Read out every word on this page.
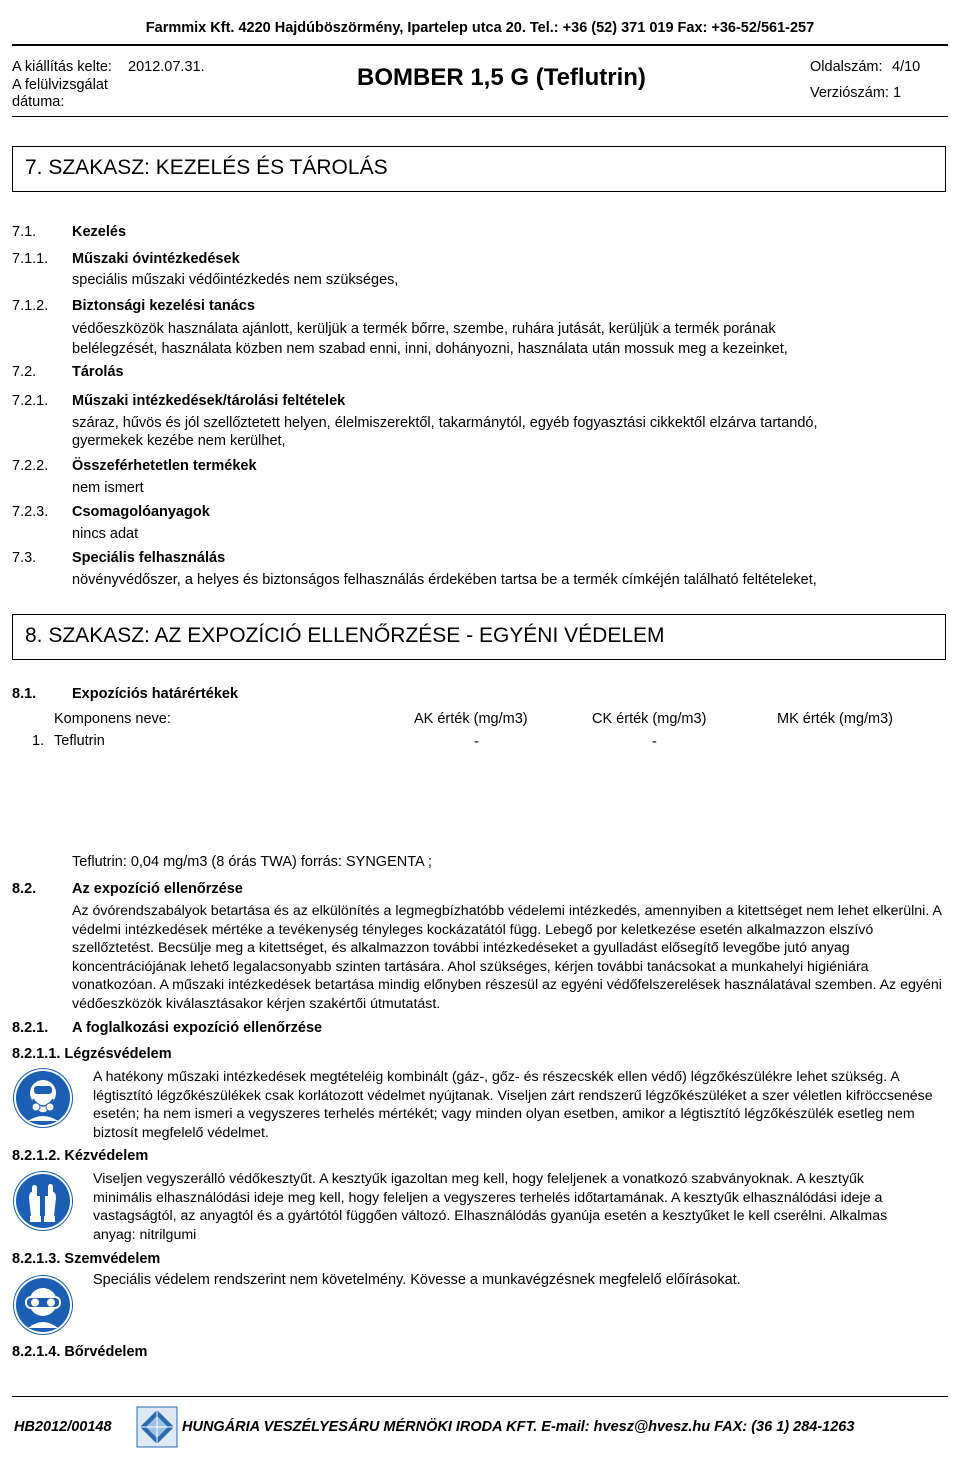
Farmmix Kft. 4220 Hajdúböszörmény, Ipartelep utca 20. Tel.: +36 (52) 371 019 Fax: +36-52/561-257
A kiállítás kelte: 2012.07.31.
A felülvizsgálat
dátuma:
BOMBER 1,5 G (Teflutrin)	Oldalszám: 4/10
Verziószám: 1
7. SZAKASZ: KEZELÉS ÉS TÁROLÁS
7.1. Kezelés
7.1.1. Műszaki óvintézkedések
speciális műszaki védőintézkedés nem szükséges,
7.1.2. Biztonsági kezelési tanács
védőeszközök használata ajánlott, kerüljük a termék bőrre, szembe, ruhára jutását, kerüljük a termék porának
belélegzését, használata közben nem szabad enni, inni, dohányozni, használata után mossuk meg a kezeinket,
7.2. Tárolás
7.2.1. Műszaki intézkedések/tárolási feltételek
száraz, hűvös és jól szellőztetett helyen, élelmiszerektől, takarmánytól, egyéb fogyasztási cikkektől elzárva tartandó,
gyermekek kezébe nem kerülhet,
7.2.2. Összeférhetetlen termékek
nem ismert
7.2.3. Csomagolóanyagok
nincs adat
7.3. Speciális felhasználás
növényvédőszer, a helyes és biztonságos felhasználás érdekében tartsa be a termék címkéjén található feltételeket,
8. SZAKASZ: AZ EXPOZÍCIÓ ELLENŐRZÉSE - EGYÉNI VÉDELEM
8.1. Expozíciós határértékek
Komponens neve:	AK érték (mg/m3)	CK érték (mg/m3)	MK érték (mg/m3)
1. Teflutrin	-	-
Teflutrin: 0,04 mg/m3 (8 órás TWA) forrás: SYNGENTA ;
8.2. Az expozíció ellenőrzése
Az óvórendszabályok betartása és az elkülönítés a legmegbízhatóbb védelemi intézkedés, amennyiben a kitettséget nem lehet elkerülni. A védelmi intézkedések mértéke a tevékenység tényleges kockázatától függ. Lebegő por keletkezése esetén alkalmazzon elszívó szellőztetést. Becsülje meg a kitettséget, és alkalmazzon további intézkedéseket a gyulladást elősegítő levegőbe jutó anyag koncentrációjának lehető legalacsonyabb szinten tartására. Ahol szükséges, kérjen további tanácsokat a munkahelyi higiéniára vonatkozóan. A műszaki intézkedések betartása mindig előnyben részesül az egyéni védőfelszerelések használatával szemben. Az egyéni védőeszközök kiválasztásakor kérjen szakértői útmutatást.
8.2.1. A foglalkozási expozíció ellenőrzése
8.2.1.1. Légzésvédelem
A hatékony műszaki intézkedések megtételéig kombinált (gáz-, gőz- és részecskék ellen védő) légzőkészülékre lehet szükség. A légtisztító légzőkészülékek csak korlátozott védelmet nyújtanak. Viseljen zárt rendszerű légzőkészüléket a szer véletlen kifröccsenése esetén; ha nem ismeri a vegyszeres terhelés mértékét; vagy minden olyan esetben, amikor a légtisztító légzőkészülék esetleg nem biztosít megfelelő védelmet.
8.2.1.2. Kézvédelem
Viseljen vegyszerálló védőkesztyűt. A kesztyűk igazoltan meg kell, hogy feleljenek a vonatkozó szabványoknak. A kesztyűk minimális elhasználódási ideje meg kell, hogy feleljen a vegyszeres terhelés időtartamának. A kesztyűk elhasználódási ideje a vastagságtól, az anyagtól és a gyártótól függően változó. Elhasználódás gyanúja esetén a kesztyűket le kell cserélni. Alkalmas anyag: nitrilgumi
8.2.1.3. Szemvédelem
Speciális védelem rendszerint nem követelmény. Kövesse a munkavégzésnek megfelelő előírásokat.
8.2.1.4. Bőrvédelem
HB2012/00148	HUNGÁRIA VESZÉLYESÁRU MÉRNÖKI IRODA KFT. E-mail: hvesz@hvesz.hu FAX: (36 1) 284-1263
